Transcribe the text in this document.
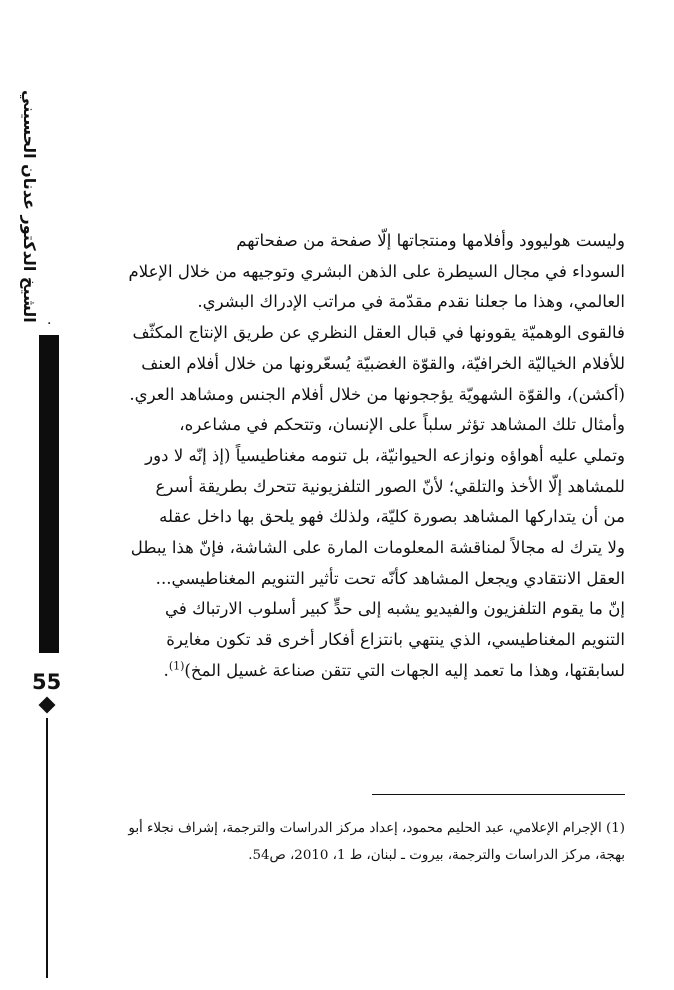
الشيخ الدكتور عدنان الحسيني
·
55
وليست هوليوود وأفلامها ومنتجاتها إلّا صفحة من صفحاتهم
السوداء في مجال السيطرة على الذهن البشري وتوجيهه من خلال الإعلام
العالمي، وهذا ما جعلنا نقدم مقدّمة في مراتب الإدراك البشري.
فالقوى الوهميّة يقوونها في قبال العقل النظري عن طريق الإنتاج المكثّف
للأفلام الخياليّة الخرافيّة، والقوّة الغضبيّة يُسعّرونها من خلال أفلام العنف
(أكشن)، والقوّة الشهويّة يؤججونها من خلال أفلام الجنس ومشاهد العري.
وأمثال تلك المشاهد تؤثر سلباً على الإنسان، وتتحكم في مشاعره،
وتملي عليه أهواؤه ونوازعه الحيوانيّة، بل تنومه مغناطيسياً (إذ إنّه لا دور
للمشاهد إلّا الأخذ والتلقي؛ لأنّ الصور التلفزيونية تتحرك بطريقة أسرع
من أن يتداركها المشاهد بصورة كليّة، ولذلك فهو يلحق بها داخل عقله
ولا يترك له مجالاً لمناقشة المعلومات المارة على الشاشة، فإنّ هذا يبطل
العقل الانتقادي ويجعل المشاهد كأنّه تحت تأثير التنويم المغناطيسي...
إنّ ما يقوم التلفزيون والفيديو يشبه إلى حدٍّ كبير أسلوب الارتباك في
التنويم المغناطيسي، الذي ينتهي بانتزاع أفكار أخرى قد تكون مغايرة
لسابقتها، وهذا ما تعمد إليه الجهات التي تتقن صناعة غسيل المخ)$^{(1)}$.
(1) الإجرام الإعلامي، عبد الحليم محمود، إعداد مركز الدراسات والترجمة، إشراف نجلاء أبو
بهجة، مركز الدراسات والترجمة، بيروت ـ لبنان، ط 1، 2010، ص54.
